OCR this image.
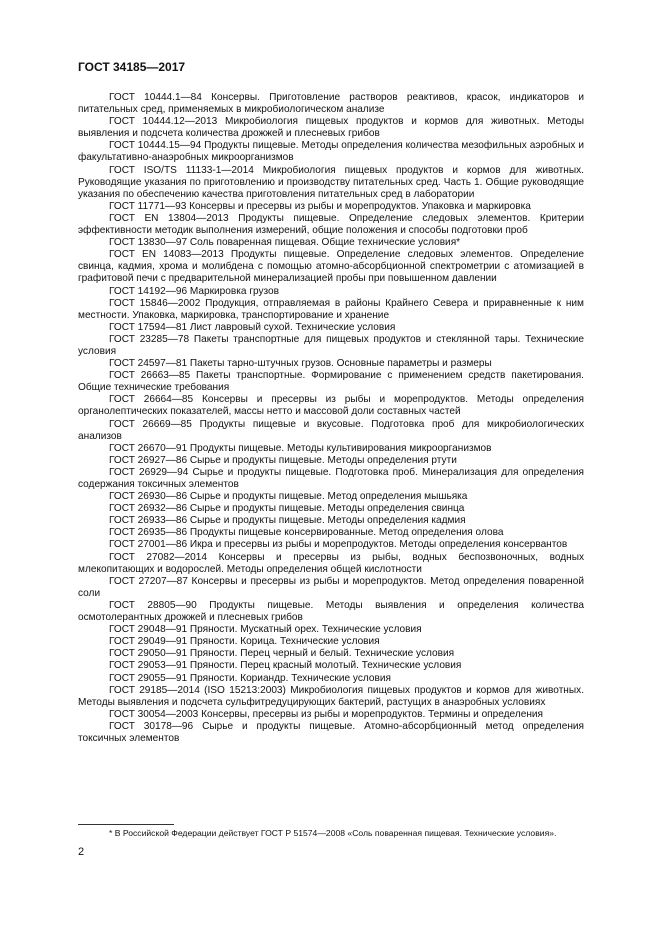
ГОСТ 34185—2017

ГОСТ 10444.1—84 Консервы. Приготовление растворов реактивов, красок, индикаторов и питательных сред, применяемых в микробиологическом анализе

ГОСТ 10444.12—2013 Микробиология пищевых продуктов и кормов для животных. Методы выявления и подсчета количества дрожжей и плесневых грибов

ГОСТ 10444.15—94 Продукты пищевые. Методы определения количества мезофильных аэробных и факультативно-анаэробных микроорганизмов

ГОСТ ISO/TS 11133-1—2014 Микробиология пищевых продуктов и кормов для животных. Руководящие указания по приготовлению и производству питательных сред. Часть 1. Общие руководящие указания по обеспечению качества приготовления питательных сред в лаборатории

ГОСТ 11771—93 Консервы и пресервы из рыбы и морепродуктов. Упаковка и маркировка

ГОСТ EN 13804—2013 Продукты пищевые. Определение следовых элементов. Критерии эффективности методик выполнения измерений, общие положения и способы подготовки проб

ГОСТ 13830—97 Соль поваренная пищевая. Общие технические условия*

ГОСТ EN 14083—2013 Продукты пищевые. Определение следовых элементов. Определение свинца, кадмия, хрома и молибдена с помощью атомно-абсорбционной спектрометрии с атомизацией в графитовой печи с предварительной минерализацией пробы при повышенном давлении

ГОСТ 14192—96 Маркировка грузов

ГОСТ 15846—2002 Продукция, отправляемая в районы Крайнего Севера и приравненные к ним местности. Упаковка, маркировка, транспортирование и хранение

ГОСТ 17594—81 Лист лавровый сухой. Технические условия

ГОСТ 23285—78 Пакеты транспортные для пищевых продуктов и стеклянной тары. Технические условия

ГОСТ 24597—81 Пакеты тарно-штучных грузов. Основные параметры и размеры

ГОСТ 26663—85 Пакеты транспортные. Формирование с применением средств пакетирования. Общие технические требования

ГОСТ 26664—85 Консервы и пресервы из рыбы и морепродуктов. Методы определения органолептических показателей, массы нетто и массовой доли составных частей

ГОСТ 26669—85 Продукты пищевые и вкусовые. Подготовка проб для микробиологических анализов

ГОСТ 26670—91 Продукты пищевые. Методы культивирования микроорганизмов

ГОСТ 26927—86 Сырье и продукты пищевые. Методы определения ртути

ГОСТ 26929—94 Сырье и продукты пищевые. Подготовка проб. Минерализация для определения содержания токсичных элементов

ГОСТ 26930—86 Сырье и продукты пищевые. Метод определения мышьяка

ГОСТ 26932—86 Сырье и продукты пищевые. Методы определения свинца

ГОСТ 26933—86 Сырье и продукты пищевые. Методы определения кадмия

ГОСТ 26935—86 Продукты пищевые консервированные. Метод определения олова

ГОСТ 27001—86 Икра и пресервы из рыбы и морепродуктов. Методы определения консервантов

ГОСТ 27082—2014 Консервы и пресервы из рыбы, водных беспозвоночных, водных млекопитающих и водорослей. Методы определения общей кислотности

ГОСТ 27207—87 Консервы и пресервы из рыбы и морепродуктов. Метод определения поваренной соли

ГОСТ 28805—90 Продукты пищевые. Методы выявления и определения количества осмотолерантных дрожжей и плесневых грибов

ГОСТ 29048—91 Пряности. Мускатный орех. Технические условия

ГОСТ 29049—91 Пряности. Корица. Технические условия

ГОСТ 29050—91 Пряности. Перец черный и белый. Технические условия

ГОСТ 29053—91 Пряности. Перец красный молотый. Технические условия

ГОСТ 29055—91 Пряности. Кориандр. Технические условия

ГОСТ 29185—2014 (ISO 15213:2003) Микробиология пищевых продуктов и кормов для животных. Методы выявления и подсчета сульфитредуцирующих бактерий, растущих в анаэробных условиях

ГОСТ 30054—2003 Консервы, пресервы из рыбы и морепродуктов. Термины и определения

ГОСТ 30178—96 Сырье и продукты пищевые. Атомно-абсорбционный метод определения токсичных элементов

* В Российской Федерации действует ГОСТ Р 51574—2008 «Соль поваренная пищевая. Технические условия».
2
